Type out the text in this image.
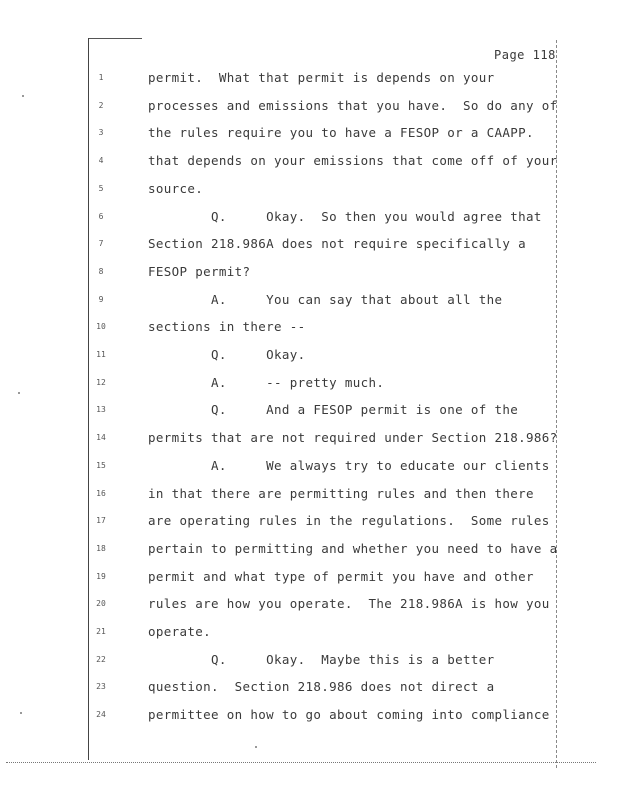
Page 118
1	permit.  What that permit is depends on your
2	processes and emissions that you have.  So do any of
3	the rules require you to have a FESOP or a CAAPP.
4	that depends on your emissions that come off of your
5	source.
6	Q.     Okay.  So then you would agree that
7	Section 218.986A does not require specifically a
8	FESOP permit?
9	A.     You can say that about all the
10	sections in there --
11	Q.     Okay.
12	A.     -- pretty much.
13	Q.     And a FESOP permit is one of the
14	permits that are not required under Section 218.986?
15	A.     We always try to educate our clients
16	in that there are permitting rules and then there
17	are operating rules in the regulations.  Some rules
18	pertain to permitting and whether you need to have a
19	permit and what type of permit you have and other
20	rules are how you operate.  The 218.986A is how you
21	operate.
22	Q.     Okay.  Maybe this is a better
23	question.  Section 218.986 does not direct a
24	permittee on how to go about coming into compliance
